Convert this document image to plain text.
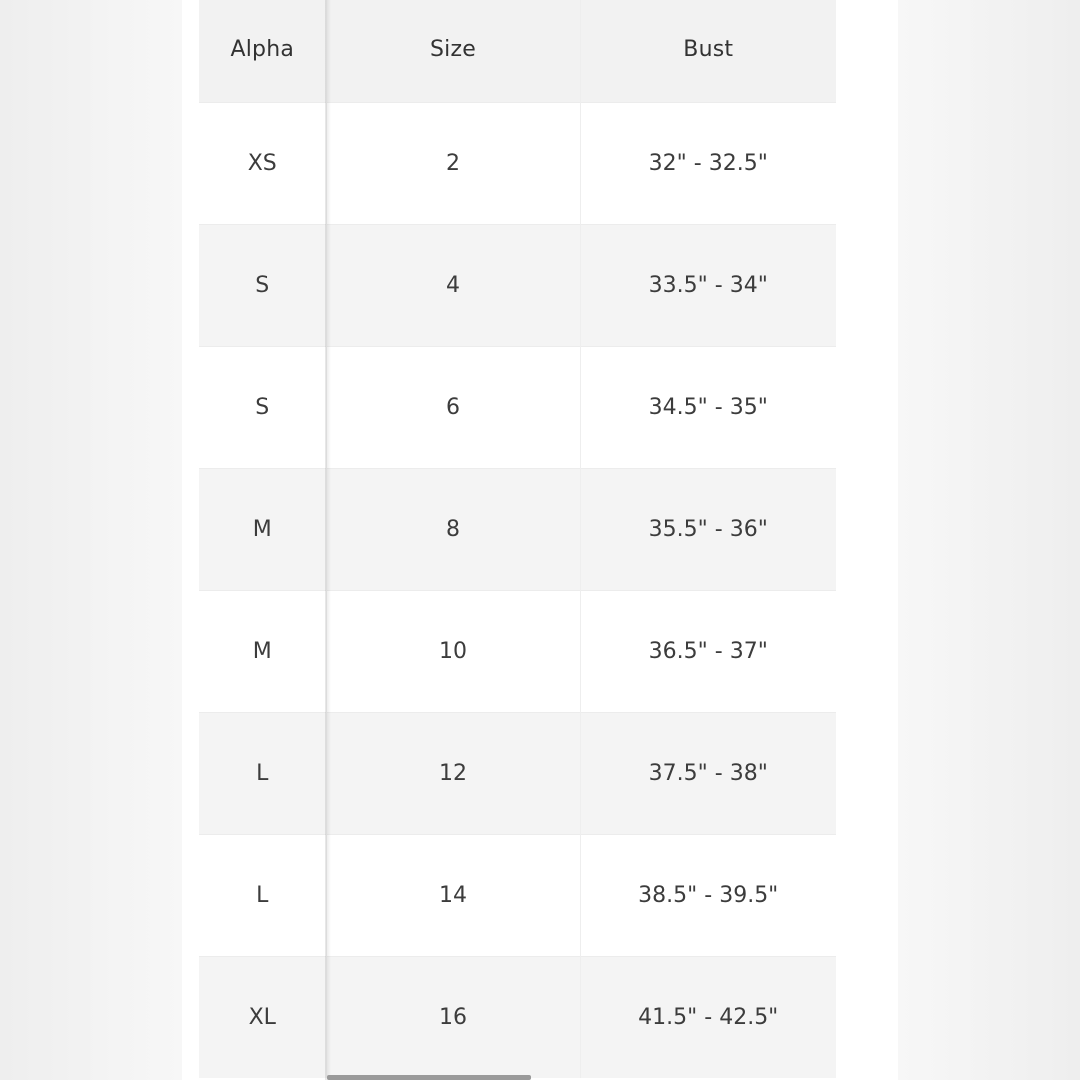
Alpha	Size	Bust
XS	2	32" - 32.5"
S	4	33.5" - 34"
S	6	34.5" - 35"
M	8	35.5" - 36"
M	10	36.5" - 37"
L	12	37.5" - 38"
L	14	38.5" - 39.5"
XL	16	41.5" - 42.5"
